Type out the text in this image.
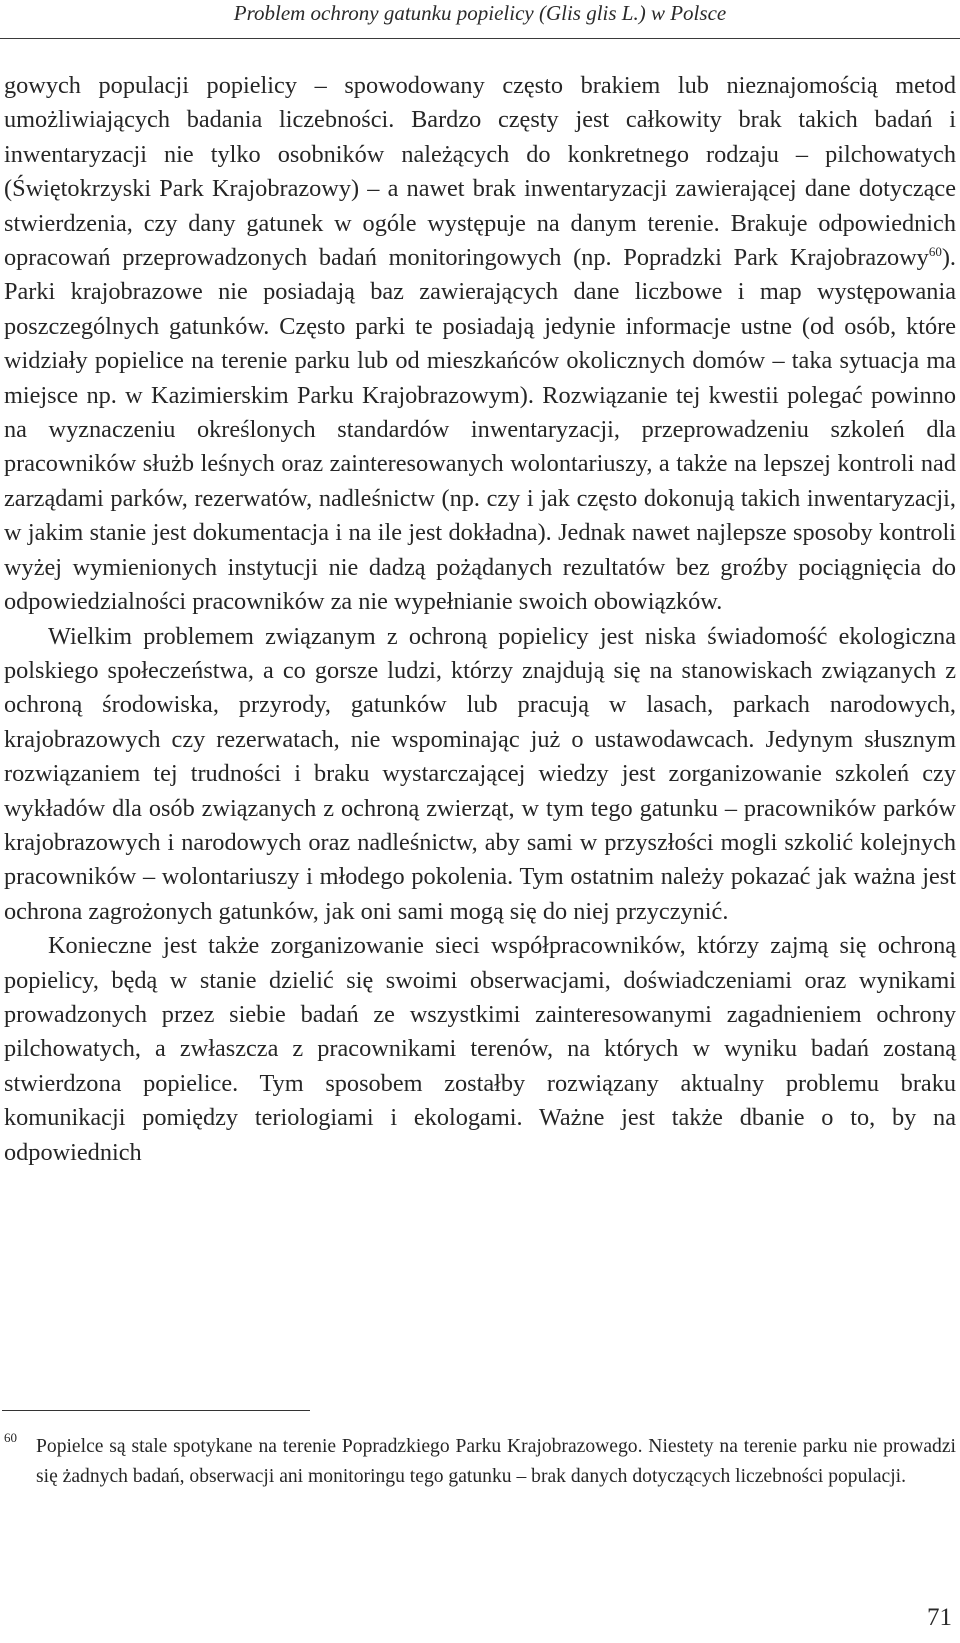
Problem ochrony gatunku popielicy (Glis glis L.) w Polsce

gowych populacji popielicy – spowodowany często brakiem lub nieznajomością metod umożliwiających badania liczebności. Bardzo częsty jest całkowity brak takich badań i inwentaryzacji nie tylko osobników należących do konkretnego rodzaju – pilchowatych (Świętokrzyski Park Krajobrazowy) – a nawet brak inwentaryzacji zawierającej dane dotyczące stwierdzenia, czy dany gatunek w ogóle występuje na danym terenie. Brakuje odpowiednich opracowań przeprowadzonych badań monitoringowych (np. Popradzki Park Krajobrazowy$^{60}$). Parki krajobrazowe nie posiadają baz zawierających dane liczbowe i map występowania poszczególnych gatunków. Często parki te posiadają jedynie informacje ustne (od osób, które widziały popielice na terenie parku lub od mieszkańców okolicznych domów – taka sytuacja ma miejsce np. w Kazimierskim Parku Krajobrazowym). Rozwiązanie tej kwestii polegać powinno na wyznaczeniu określonych standardów inwentaryzacji, przeprowadzeniu szkoleń dla pracowników służb leśnych oraz zainteresowanych wolontariuszy, a także na lepszej kontroli nad zarządami parków, rezerwatów, nadleśnictw (np. czy i jak często dokonują takich inwentaryzacji, w jakim stanie jest dokumentacja i na ile jest dokładna). Jednak nawet najlepsze sposoby kontroli wyżej wymienionych instytucji nie dadzą pożądanych rezultatów bez groźby pociągnięcia do odpowiedzialności pracowników za nie wypełnianie swoich obowiązków.

Wielkim problemem związanym z ochroną popielicy jest niska świadomość ekologiczna polskiego społeczeństwa, a co gorsze ludzi, którzy znajdują się na stanowiskach związanych z ochroną środowiska, przyrody, gatunków lub pracują w lasach, parkach narodowych, krajobrazowych czy rezerwatach, nie wspominając już o ustawodawcach. Jedynym słusznym rozwiązaniem tej trudności i braku wystarczającej wiedzy jest zorganizowanie szkoleń czy wykładów dla osób związanych z ochroną zwierząt, w tym tego gatunku – pracowników parków krajobrazowych i narodowych oraz nadleśnictw, aby sami w przyszłości mogli szkolić kolejnych pracowników – wolontariuszy i młodego pokolenia. Tym ostatnim należy pokazać jak ważna jest ochrona zagrożonych gatunków, jak oni sami mogą się do niej przyczynić.

Konieczne jest także zorganizowanie sieci współpracowników, którzy zajmą się ochroną popielicy, będą w stanie dzielić się swoimi obserwacjami, doświadczeniami oraz wynikami prowadzonych przez siebie badań ze wszystkimi zainteresowanymi zagadnieniem ochrony pilchowatych, a zwłaszcza z pracownikami terenów, na których w wyniku badań zostaną stwierdzona popielice. Tym sposobem zostałby rozwiązany aktualny problemu braku komunikacji pomiędzy teriologiami i ekologami. Ważne jest także dbanie o to, by na odpowiednich

60 Popielce są stale spotykane na terenie Popradzkiego Parku Krajobrazowego. Niestety na terenie parku nie prowadzi się żadnych badań, obserwacji ani monitoringu tego gatunku – brak danych dotyczących liczebności populacji.
71
